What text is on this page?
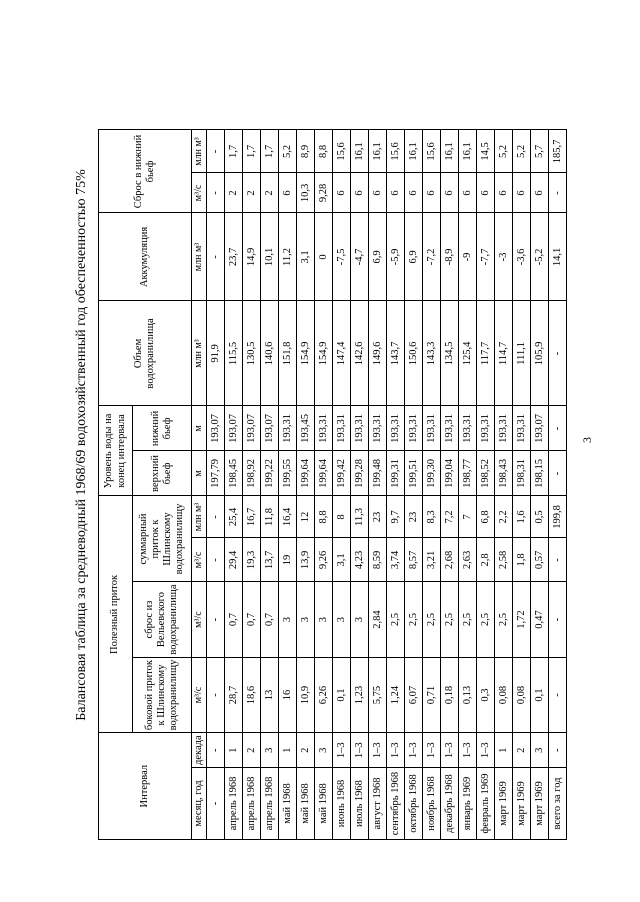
3
Балансовая таблица за средневодный 1968/69 водохозяйственный год обеспеченностью 75%
Интервал		Полезный приток				Уровень воды на конец интервала		Объем водохранилища	Аккумуляция	Сброс в нижний бьеф	
		боковой приток к Шлинскому водохранилищу	сброс из Вельевского водохранилища	суммарный приток к Шлинскому водохранилищу		верхний бьеф	нижний бьеф				
месяц, год	декада	м³/с	м³/с	м³/с	млн м³	м	м	млн м³	млн м³	м³/с	млн м³
-	-	-	-	-	-	197,79	193,07	91,9	-	-	-
апрель 1968	1	28,7	0,7	29,4	25,4	198,45	193,07	115,5	23,7	2	1,7
апрель 1968	2	18,6	0,7	19,3	16,7	198,92	193,07	130,5	14,9	2	1,7
апрель 1968	3	13	0,7	13,7	11,8	199,22	193,07	140,6	10,1	2	1,7
май 1968	1	16	3	19	16,4	199,55	193,31	151,8	11,2	6	5,2
май 1968	2	10,9	3	13,9	12	199,64	193,45	154,9	3,1	10,3	8,9
май 1968	3	6,26	3	9,26	8,8	199,64	193,31	154,9	0	9,28	8,8
июнь 1968	1–3	0,1	3	3,1	8	199,42	193,31	147,4	-7,5	6	15,6
июль 1968	1–3	1,23	3	4,23	11,3	199,28	193,31	142,6	-4,7	6	16,1
август 1968	1–3	5,75	2,84	8,59	23	199,48	193,31	149,6	6,9	6	16,1
сентябрь 1968	1–3	1,24	2,5	3,74	9,7	199,31	193,31	143,7	-5,9	6	15,6
октябрь 1968	1–3	6,07	2,5	8,57	23	199,51	193,31	150,6	6,9	6	16,1
ноябрь 1968	1–3	0,71	2,5	3,21	8,3	199,30	193,31	143,3	-7,2	6	15,6
декабрь 1968	1–3	0,18	2,5	2,68	7,2	199,04	193,31	134,5	-8,9	6	16,1
январь 1969	1–3	0,13	2,5	2,63	7	198,77	193,31	125,4	-9	6	16,1
февраль 1969	1–3	0,3	2,5	2,8	6,8	198,52	193,31	117,7	-7,7	6	14,5
март 1969	1	0,08	2,5	2,58	2,2	198,43	193,31	114,7	-3	6	5,2
март 1969	2	0,08	1,72	1,8	1,6	198,31	193,31	111,1	-3,6	6	5,2
март 1969	3	0,1	0,47	0,57	0,5	198,15	193,07	105,9	-5,2	6	5,7
всего за год	-	-	-	-	199,8	-	-	-	14,1	-	185,7
